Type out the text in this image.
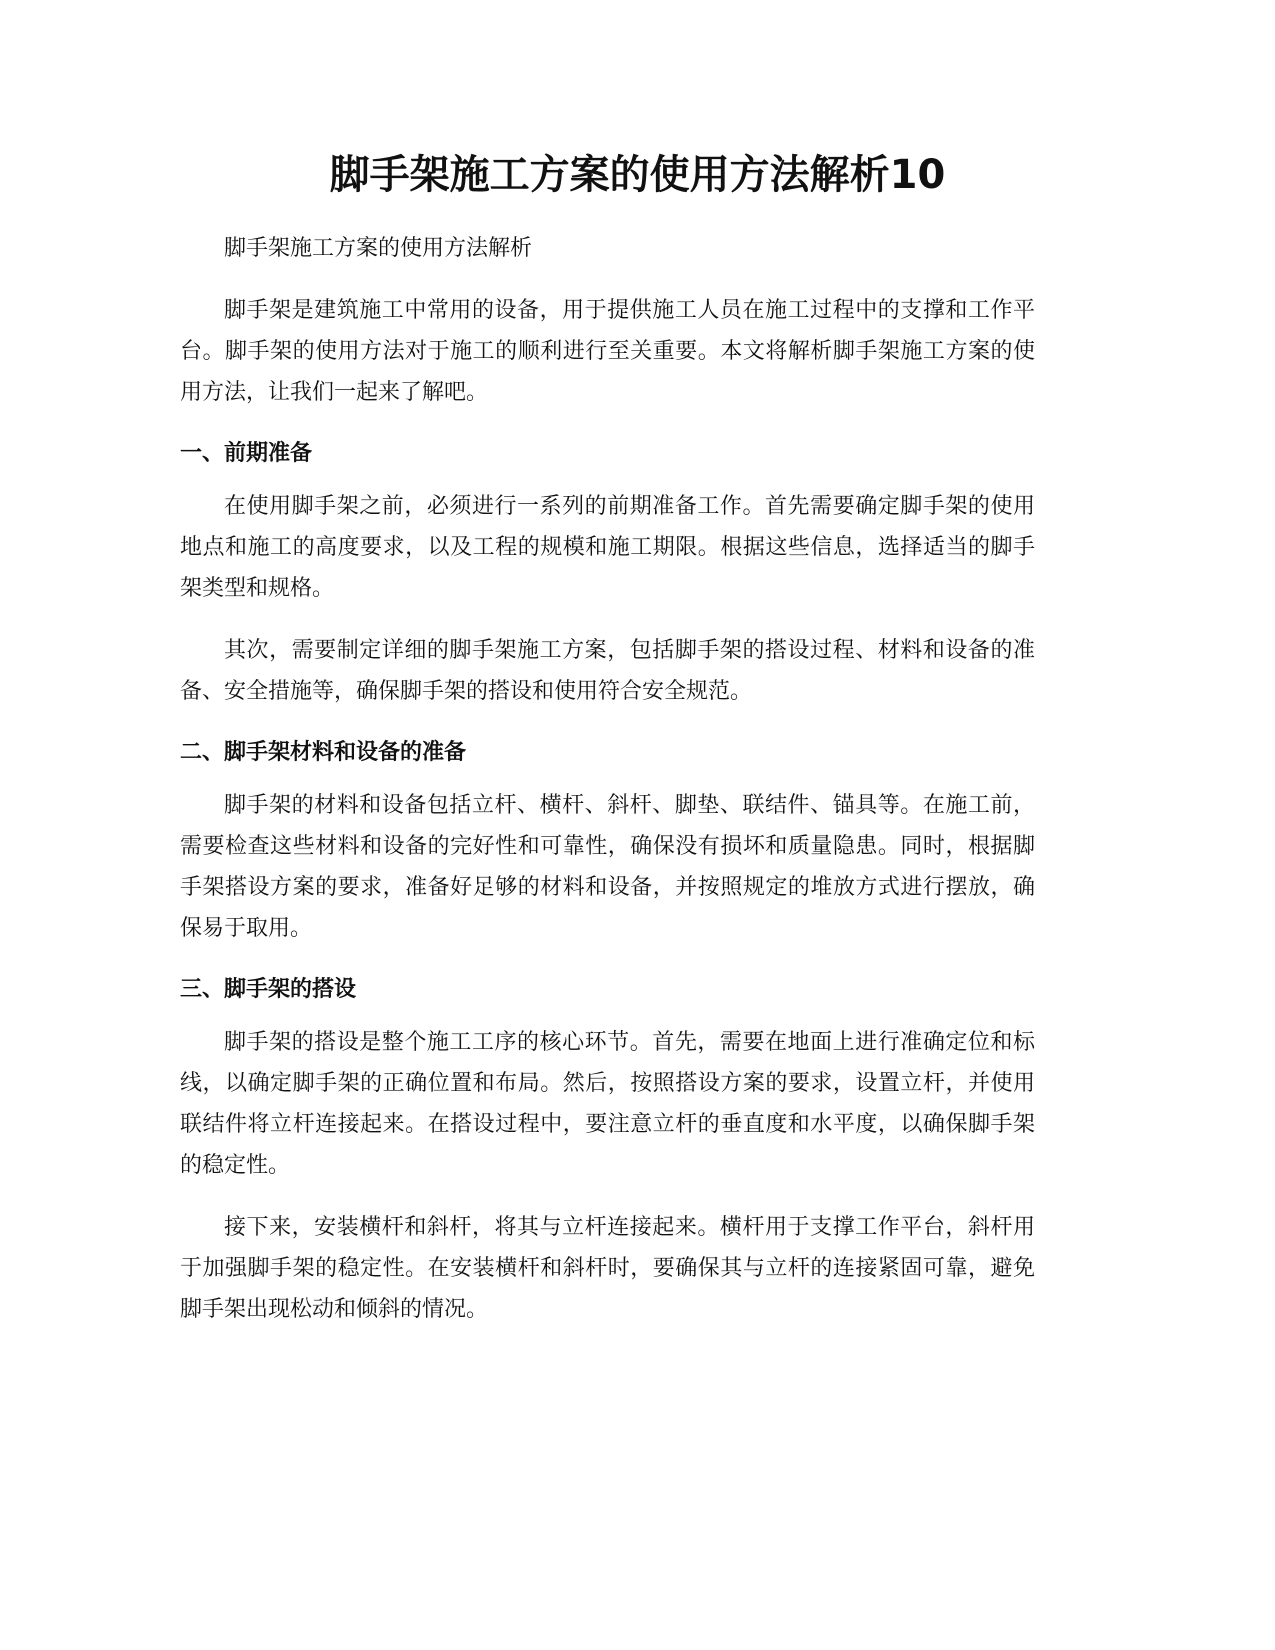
脚手架施工方案的使用方法解析10

脚手架施工方案的使用方法解析

脚手架是建筑施工中常用的设备，用于提供施工人员在施工过程中的支撑和工作平台。脚手架的使用方法对于施工的顺利进行至关重要。本文将解析脚手架施工方案的使用方法，让我们一起来了解吧。

一、前期准备

在使用脚手架之前，必须进行一系列的前期准备工作。首先需要确定脚手架的使用地点和施工的高度要求，以及工程的规模和施工期限。根据这些信息，选择适当的脚手架类型和规格。

其次，需要制定详细的脚手架施工方案，包括脚手架的搭设过程、材料和设备的准备、安全措施等，确保脚手架的搭设和使用符合安全规范。

二、脚手架材料和设备的准备

脚手架的材料和设备包括立杆、横杆、斜杆、脚垫、联结件、锚具等。在施工前，需要检查这些材料和设备的完好性和可靠性，确保没有损坏和质量隐患。同时，根据脚手架搭设方案的要求，准备好足够的材料和设备，并按照规定的堆放方式进行摆放，确保易于取用。

三、脚手架的搭设

脚手架的搭设是整个施工工序的核心环节。首先，需要在地面上进行准确定位和标线，以确定脚手架的正确位置和布局。然后，按照搭设方案的要求，设置立杆，并使用联结件将立杆连接起来。在搭设过程中，要注意立杆的垂直度和水平度，以确保脚手架的稳定性。

接下来，安装横杆和斜杆，将其与立杆连接起来。横杆用于支撑工作平台，斜杆用于加强脚手架的稳定性。在安装横杆和斜杆时，要确保其与立杆的连接紧固可靠，避免脚手架出现松动和倾斜的情况。
